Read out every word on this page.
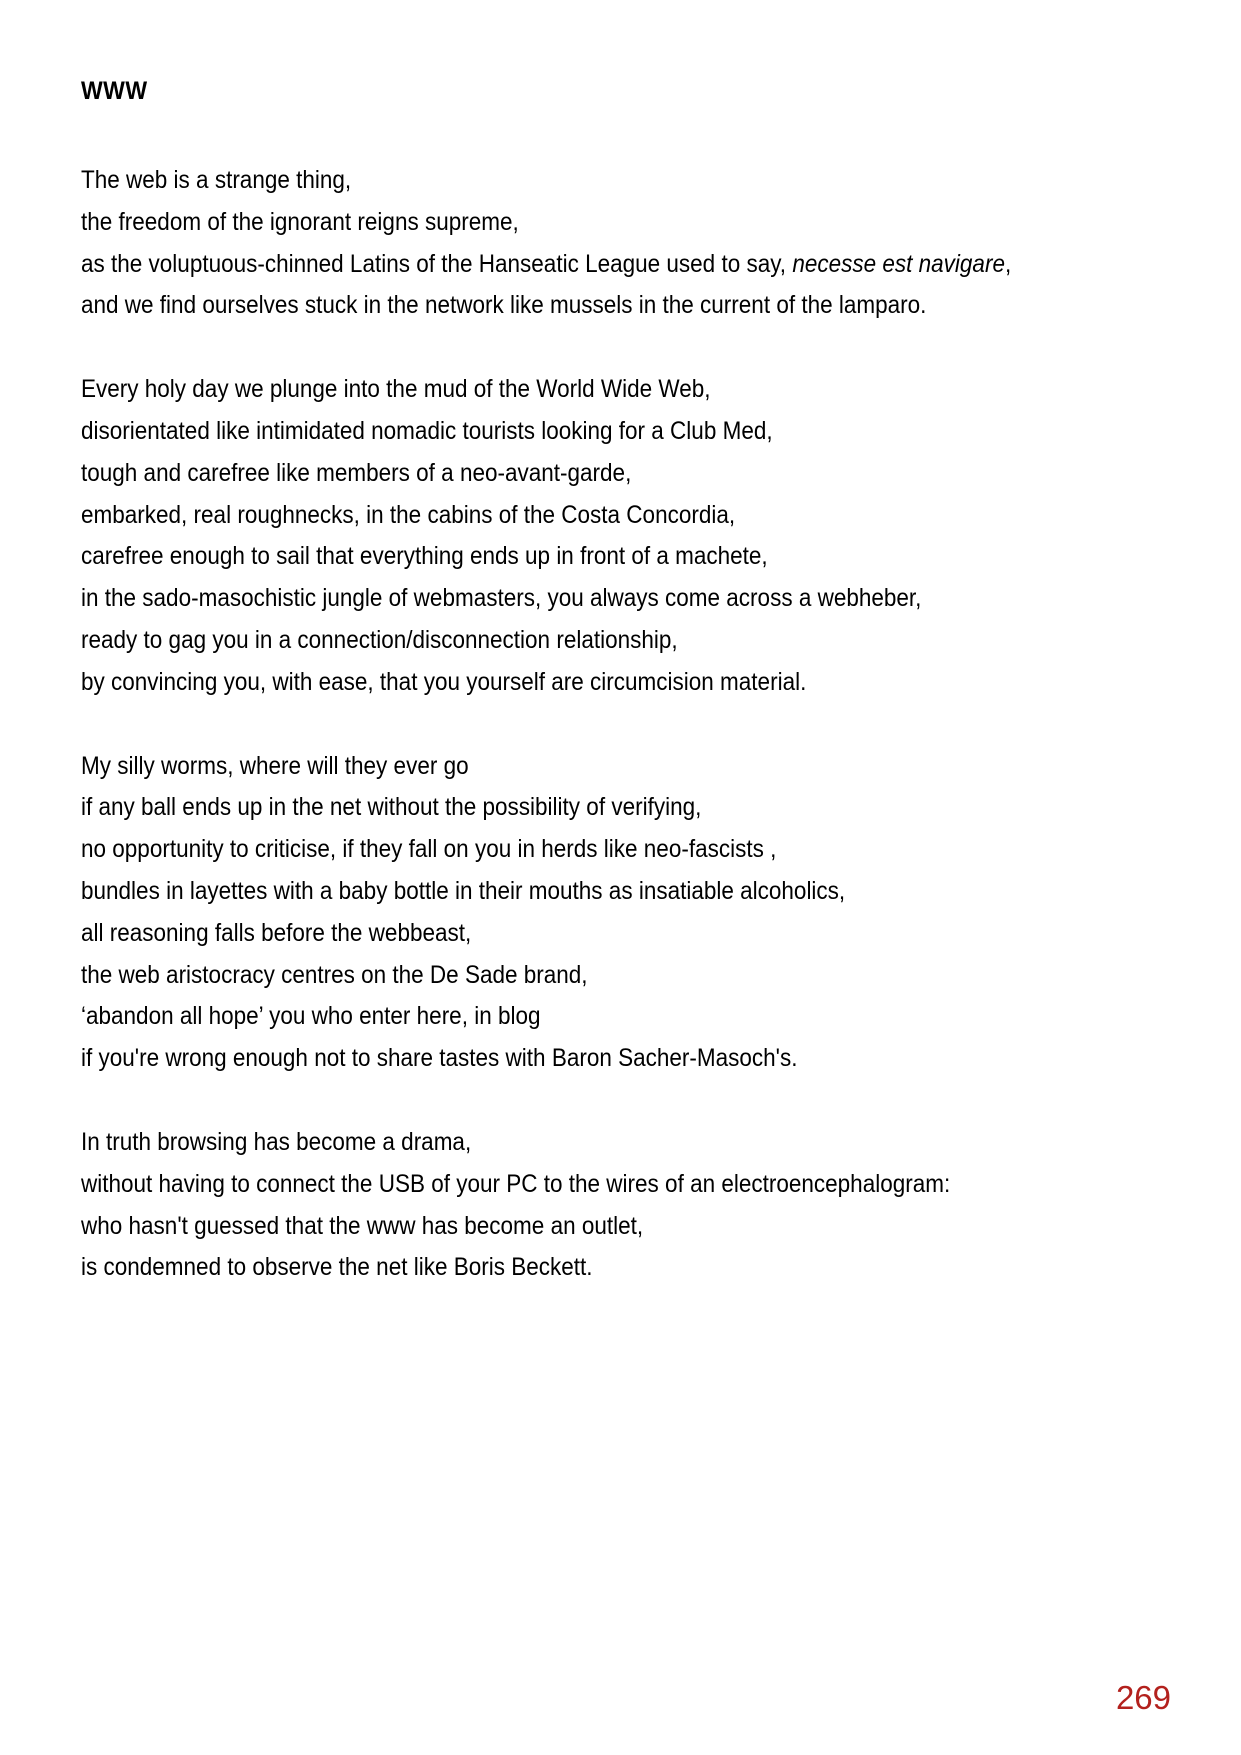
WWW
The web is a strange thing,
the freedom of the ignorant reigns supreme,
as the voluptuous-chinned Latins of the Hanseatic League used to say, necesse est navigare,
and we find ourselves stuck in the network like mussels in the current of the lamparo.
Every holy day we plunge into the mud of the World Wide Web,
disorientated like intimidated nomadic tourists looking for a Club Med,
tough and carefree like members of a neo-avant-garde,
embarked, real roughnecks, in the cabins of the Costa Concordia,
carefree enough to sail that everything ends up in front of a machete,
in the sado-masochistic jungle of webmasters, you always come across a webheber,
ready to gag you in a connection/disconnection relationship,
by convincing you, with ease, that you yourself are circumcision material.
My silly worms, where will they ever go
if any ball ends up in the net without the possibility of verifying,
no opportunity to criticise, if they fall on you in herds like neo-fascists ,
bundles in layettes with a baby bottle in their mouths as insatiable alcoholics,
all reasoning falls before the webbeast,
the web aristocracy centres on the De Sade brand,
‘abandon all hope’ you who enter here, in blog
if you're wrong enough not to share tastes with Baron Sacher-Masoch's.
In truth browsing has become a drama,
without having to connect the USB of your PC to the wires of an electroencephalogram:
who hasn't guessed that the www has become an outlet,
is condemned to observe the net like Boris Beckett.
269
